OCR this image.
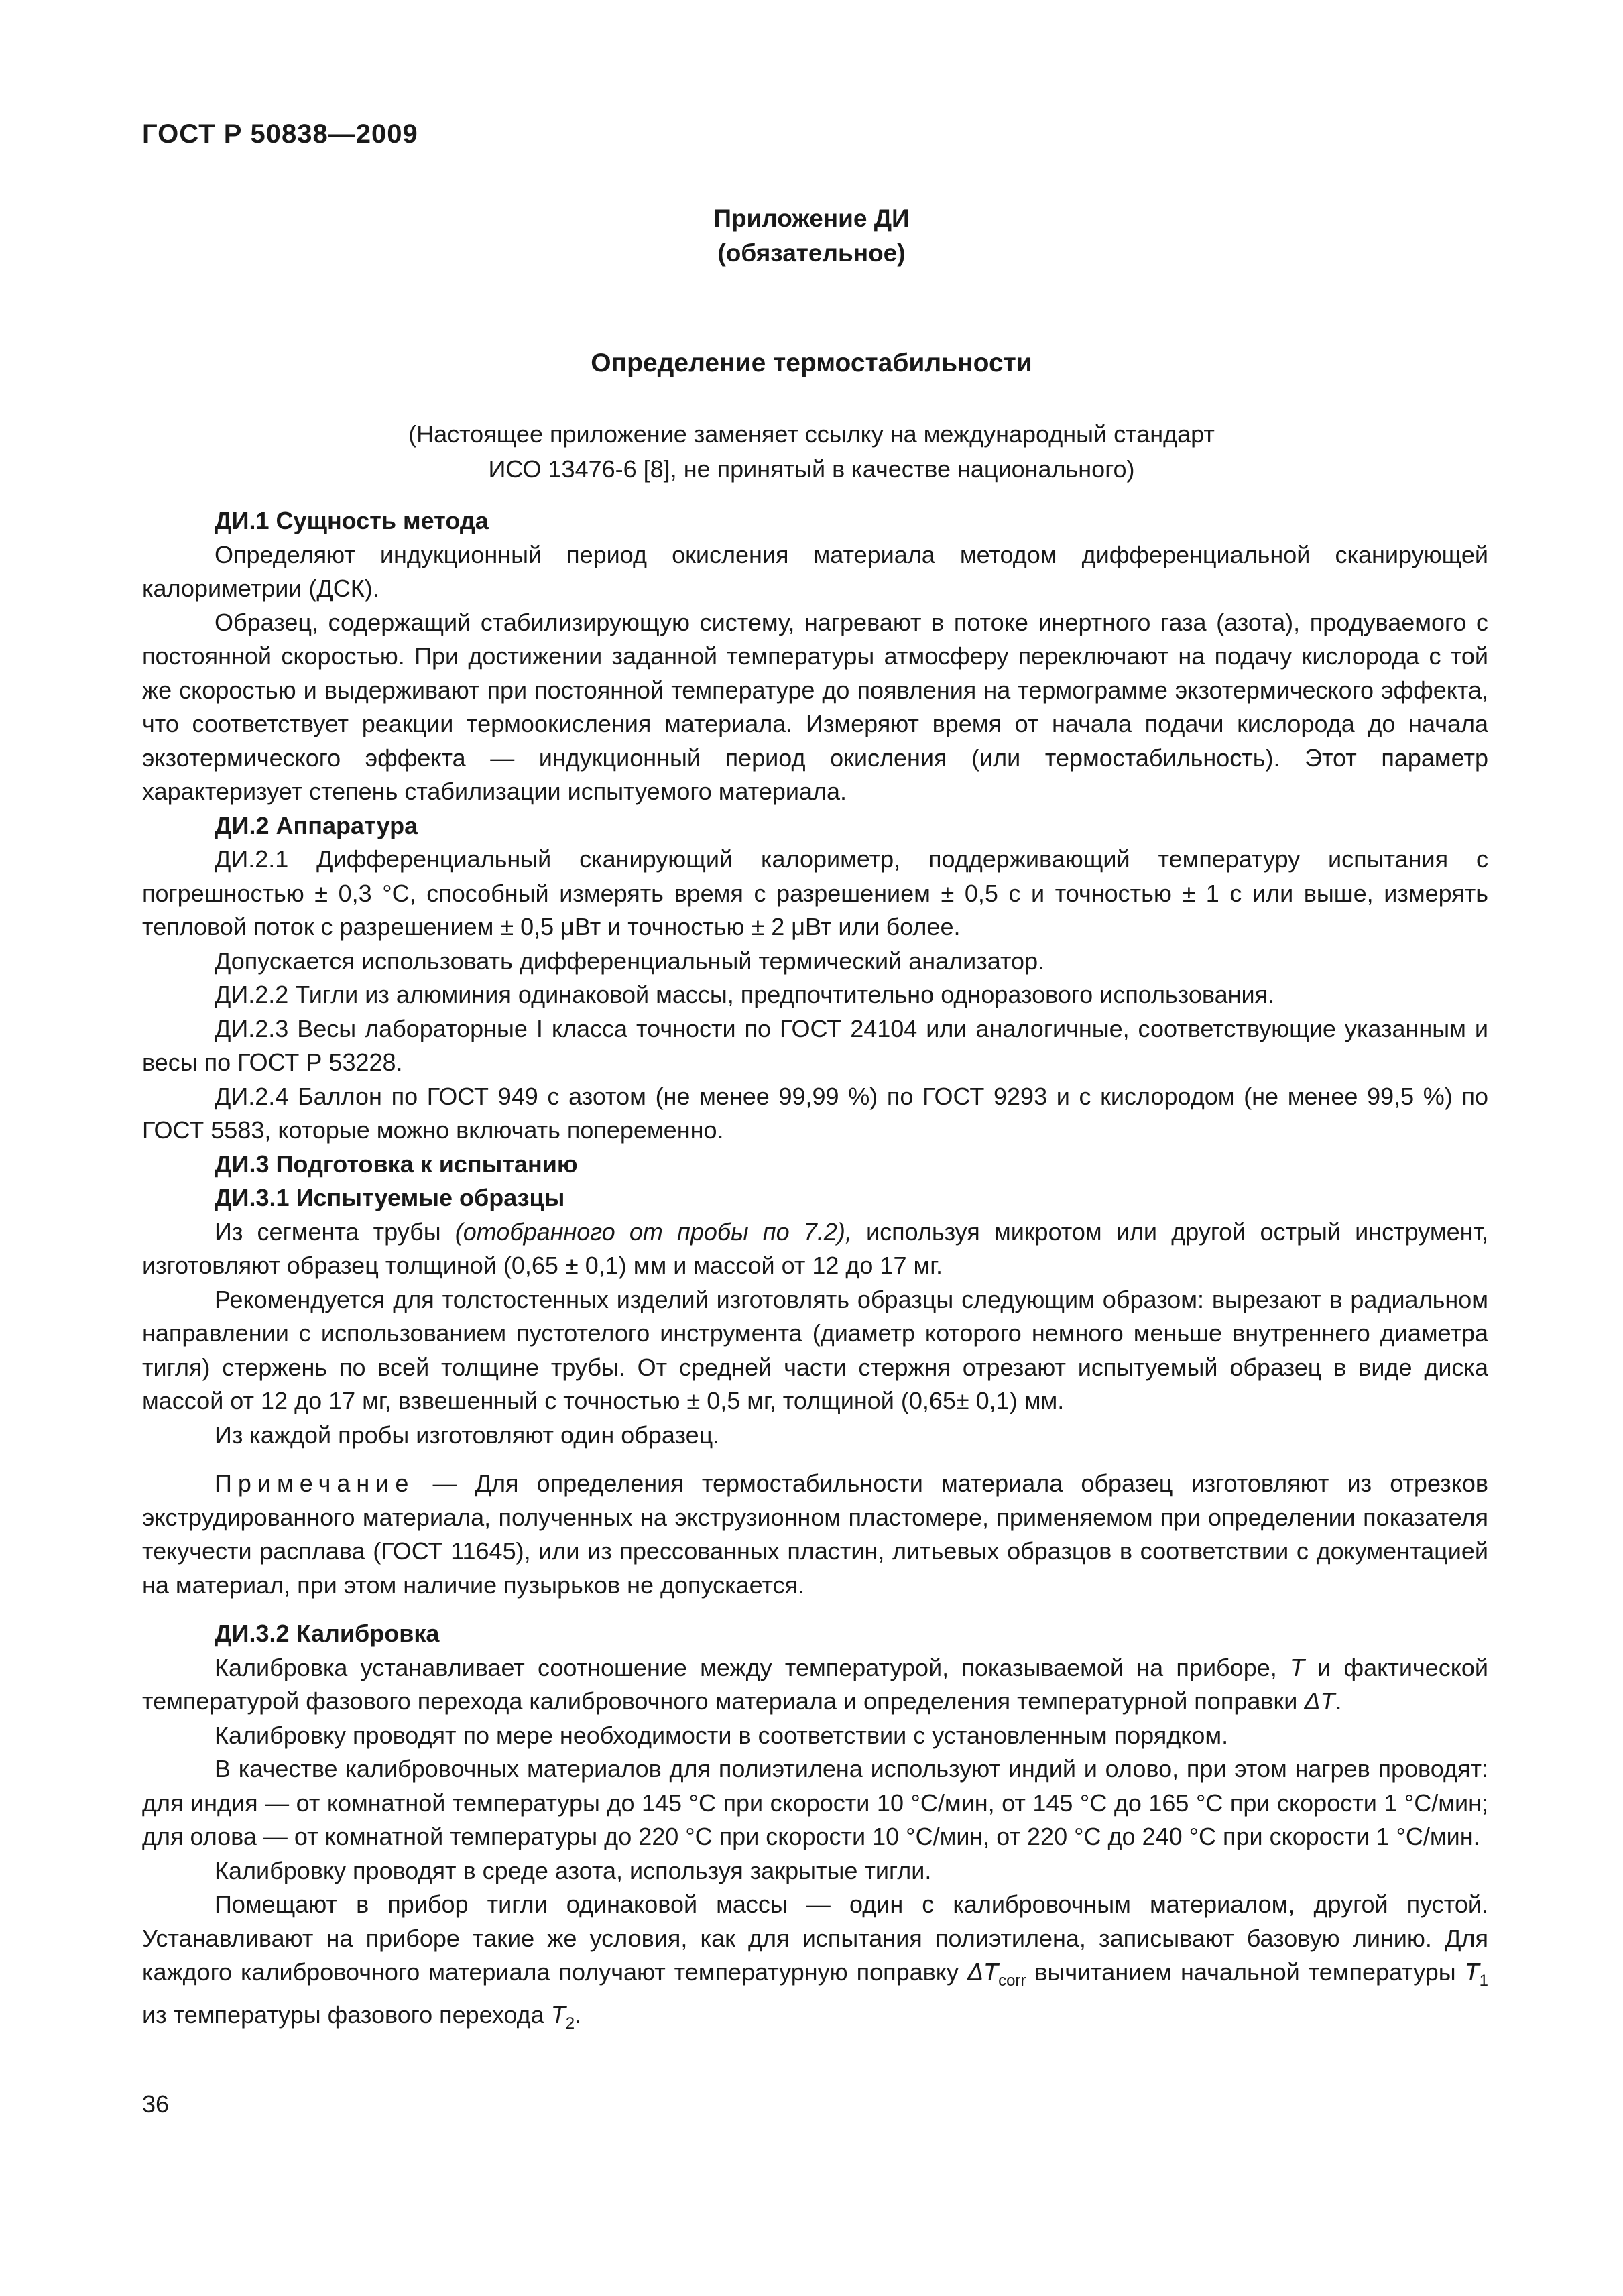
ГОСТ Р 50838—2009
Приложение ДИ
(обязательное)
Определение термостабильности
(Настоящее приложение заменяет ссылку на международный стандарт
ИСО 13476-6 [8], не принятый в качестве национального)

ДИ.1 Сущность метода

Определяют индукционный период окисления материала методом дифференциальной сканирующей калориметрии (ДСК).

Образец, содержащий стабилизирующую систему, нагревают в потоке инертного газа (азота), продуваемого с постоянной скоростью. При достижении заданной температуры атмосферу переключают на подачу кислорода с той же скоростью и выдерживают при постоянной температуре до появления на термограмме экзотермического эффекта, что соответствует реакции термоокисления материала. Измеряют время от начала подачи кислорода до начала экзотермического эффекта — индукционный период окисления (или термостабильность). Этот параметр характеризует степень стабилизации испытуемого материала.

ДИ.2 Аппаратура

ДИ.2.1 Дифференциальный сканирующий калориметр, поддерживающий температуру испытания с погрешностью ± 0,3 °С, способный измерять время с разрешением ± 0,5 с и точностью ± 1 с или выше, измерять тепловой поток с разрешением ± 0,5 μВт и точностью ± 2 μВт или более.

Допускается использовать дифференциальный термический анализатор.

ДИ.2.2 Тигли из алюминия одинаковой массы, предпочтительно одноразового использования.

ДИ.2.3 Весы лабораторные I класса точности по ГОСТ 24104 или аналогичные, соответствующие указанным и весы по ГОСТ Р 53228.

ДИ.2.4 Баллон по ГОСТ 949 с азотом (не менее 99,99 %) по ГОСТ 9293 и с кислородом (не менее 99,5 %) по ГОСТ 5583, которые можно включать попеременно.

ДИ.3 Подготовка к испытанию

ДИ.3.1 Испытуемые образцы

Из сегмента трубы (отобранного от пробы по 7.2), используя микротом или другой острый инструмент, изготовляют образец толщиной (0,65 ± 0,1) мм и массой от 12 до 17 мг.

Рекомендуется для толстостенных изделий изготовлять образцы следующим образом: вырезают в радиальном направлении с использованием пустотелого инструмента (диаметр которого немного меньше внутреннего диаметра тигля) стержень по всей толщине трубы. От средней части стержня отрезают испытуемый образец в виде диска массой от 12 до 17 мг, взвешенный с точностью ± 0,5 мг, толщиной (0,65± 0,1) мм.

Из каждой пробы изготовляют один образец.

Примечание — Для определения термостабильности материала образец изготовляют из отрезков экструдированного материала, полученных на экструзионном пластомере, применяемом при определении показателя текучести расплава (ГОСТ 11645), или из прессованных пластин, литьевых образцов в соответствии с документацией на материал, при этом наличие пузырьков не допускается.

ДИ.3.2 Калибровка

Калибровка устанавливает соотношение между температурой, показываемой на приборе, T и фактической температурой фазового перехода калибровочного материала и определения температурной поправки ΔT.

Калибровку проводят по мере необходимости в соответствии с установленным порядком.

В качестве калибровочных материалов для полиэтилена используют индий и олово, при этом нагрев проводят: для индия — от комнатной температуры до 145 °С при скорости 10 °С/мин, от 145 °С до 165 °С при скорости 1 °С/мин; для олова — от комнатной температуры до 220 °С при скорости 10 °С/мин, от 220 °С до 240 °С при скорости 1 °С/мин.

Калибровку проводят в среде азота, используя закрытые тигли.

Помещают в прибор тигли одинаковой массы — один с калибровочным материалом, другой пустой. Устанавливают на приборе такие же условия, как для испытания полиэтилена, записывают базовую линию. Для каждого калибровочного материала получают температурную поправку $\Delta T_{corr}$ вычитанием начальной температуры $T_1$ из температуры фазового перехода $T_2$.

36
